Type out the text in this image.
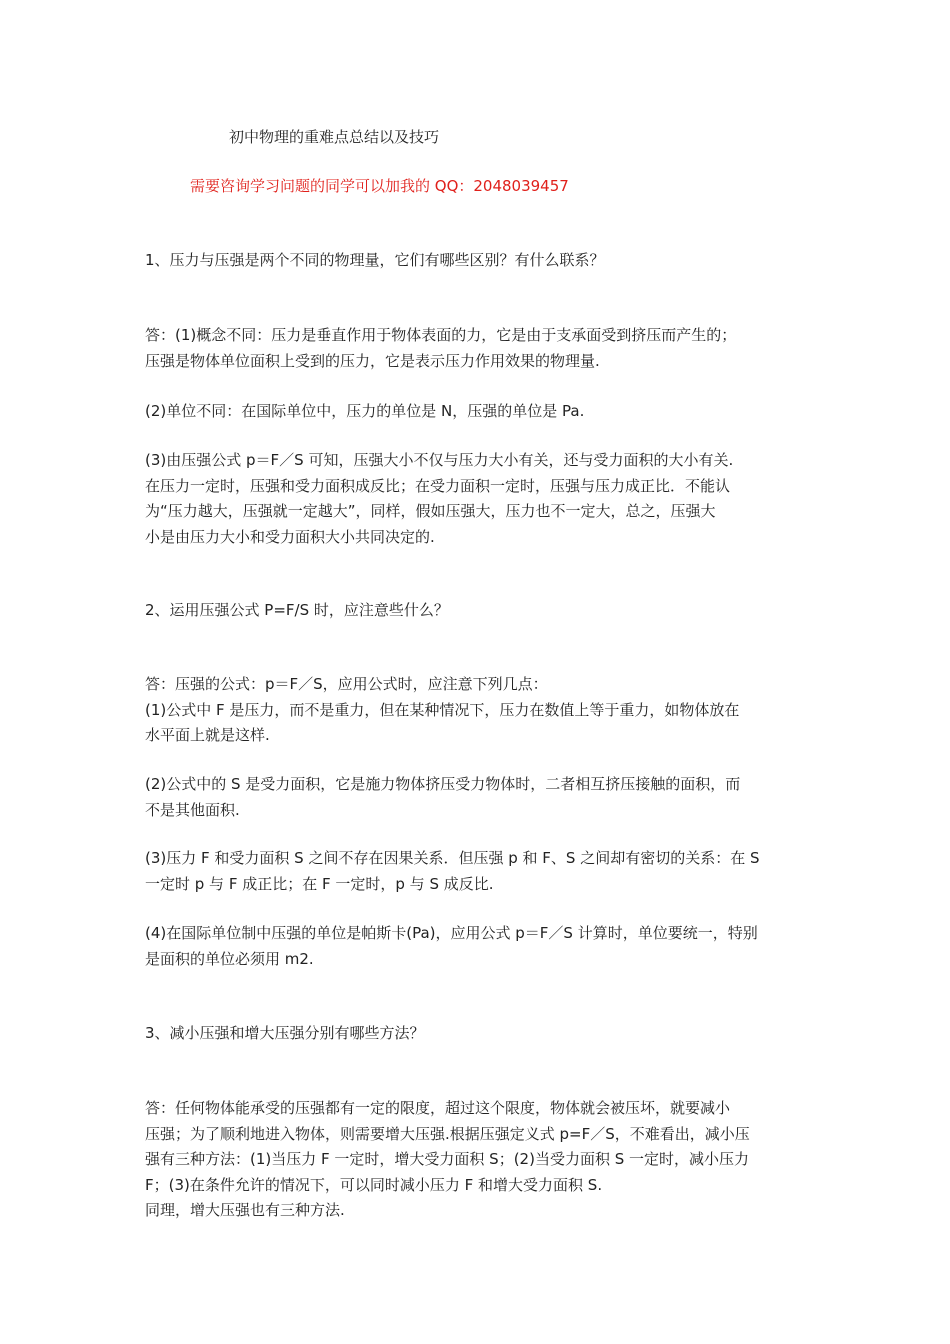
初中物理的重难点总结以及技巧
需要咨询学习问题的同学可以加我的 QQ：2048039457
1、压力与压强是两个不同的物理量，它们有哪些区别？有什么联系？
答：(1)概念不同：压力是垂直作用于物体表面的力，它是由于支承面受到挤压而产生的；
压强是物体单位面积上受到的压力，它是表示压力作用效果的物理量.
(2)单位不同：在国际单位中，压力的单位是 N，压强的单位是 Pa.
(3)由压强公式 p＝F／S 可知，压强大小不仅与压力大小有关，还与受力面积的大小有关.
在压力一定时，压强和受力面积成反比；在受力面积一定时，压强与压力成正比．不能认
为“压力越大，压强就一定越大”，同样，假如压强大，压力也不一定大，总之，压强大
小是由压力大小和受力面积大小共同决定的.
2、运用压强公式 P=F/S 时，应注意些什么？
答：压强的公式：p＝F／S，应用公式时，应注意下列几点：
(1)公式中 F 是压力，而不是重力，但在某种情况下，压力在数值上等于重力，如物体放在
水平面上就是这样.
(2)公式中的 S 是受力面积，它是施力物体挤压受力物体时，二者相互挤压接触的面积，而
不是其他面积.
(3)压力 F 和受力面积 S 之间不存在因果关系．但压强 p 和 F、S 之间却有密切的关系：在 S
一定时 p 与 F 成正比；在 F 一定时，p 与 S 成反比.
(4)在国际单位制中压强的单位是帕斯卡(Pa)，应用公式 p＝F／S 计算时，单位要统一，特别
是面积的单位必须用 m2.
3、减小压强和增大压强分别有哪些方法？
答：任何物体能承受的压强都有一定的限度，超过这个限度，物体就会被压坏，就要减小
压强；为了顺利地进入物体，则需要增大压强.根据压强定义式 p=F／S，不难看出，减小压
强有三种方法：(1)当压力 F 一定时，增大受力面积 S；(2)当受力面积 S 一定时，减小压力
F；(3)在条件允许的情况下，可以同时减小压力 F 和增大受力面积 S.
同理，增大压强也有三种方法.
